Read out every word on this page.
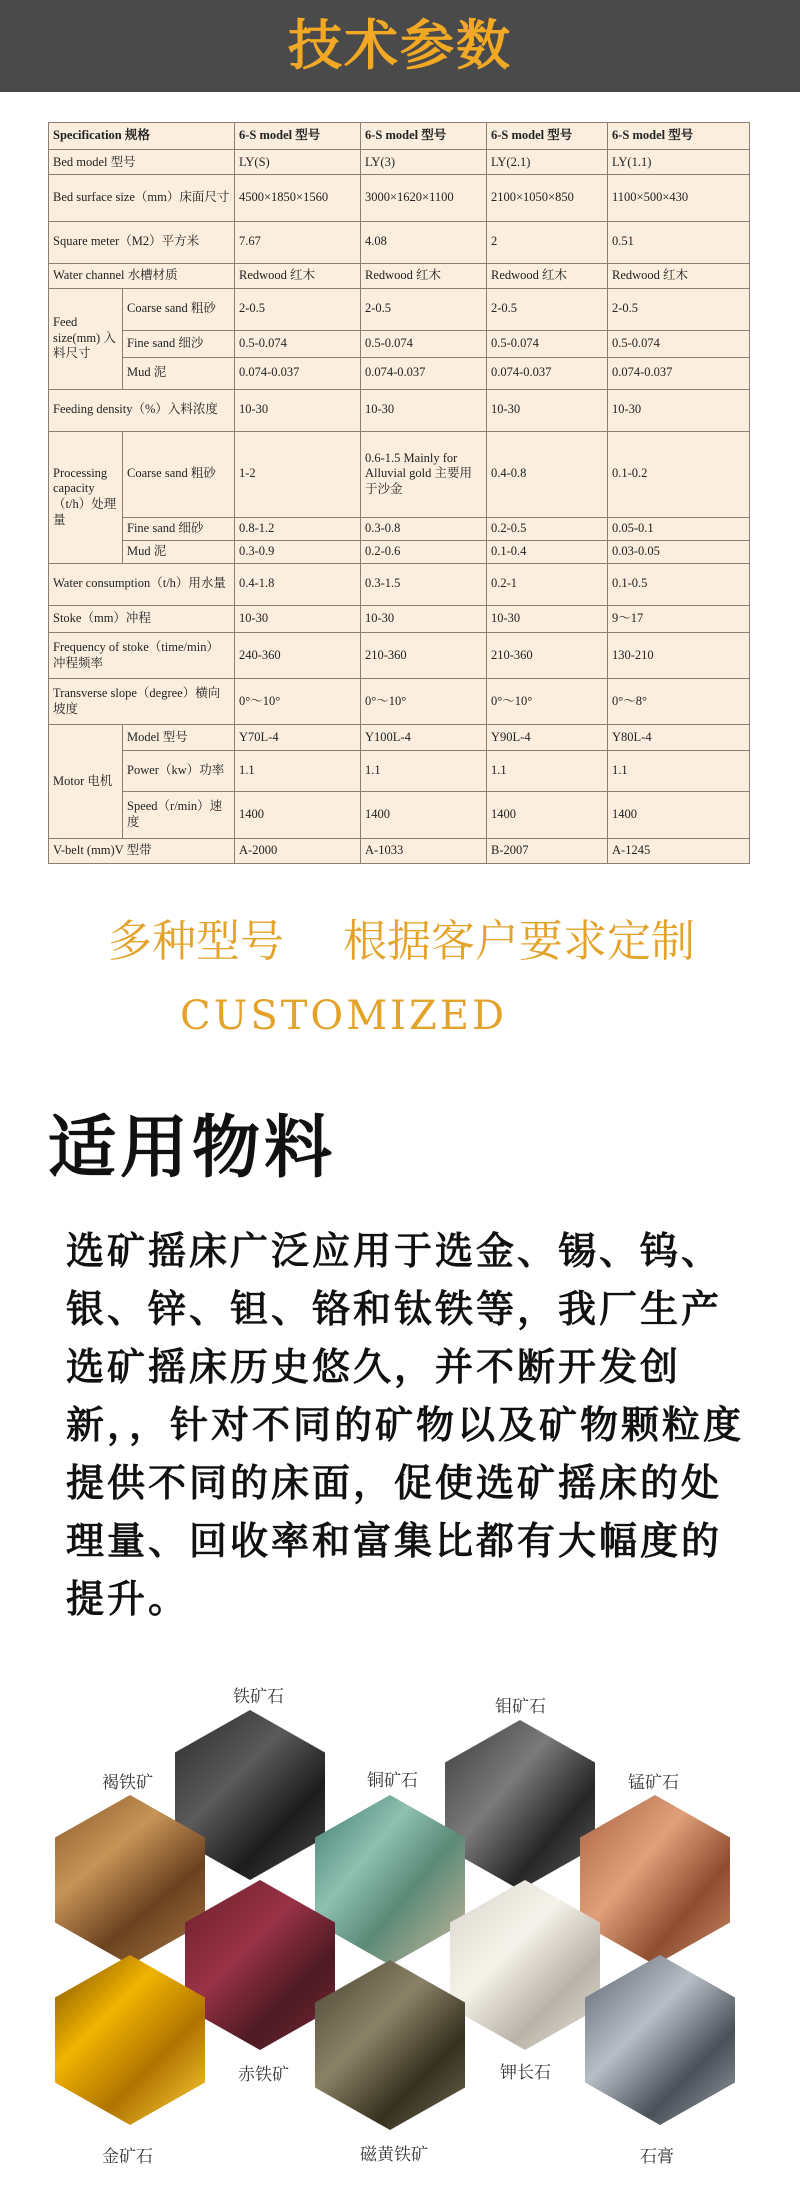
技术参数
Specification 规格		6-S model 型号	6-S model 型号	6-S model 型号	6-S model 型号
Bed model 型号		LY(S)	LY(3)	LY(2.1)	LY(1.1)
Bed surface size（mm）床面尺寸		4500×1850×1560	3000×1620×1100	2100×1050×850	1100×500×430
Square meter（M2）平方米		7.67	4.08	2	0.51
Water channel 水槽材质		Redwood 红木	Redwood 红木	Redwood 红木	Redwood 红木
Feed size(mm) 入料尺寸	Coarse sand 粗砂	2-0.5	2-0.5	2-0.5	2-0.5
	Fine sand 细沙	0.5-0.074	0.5-0.074	0.5-0.074	0.5-0.074
	Mud 泥	0.074-0.037	0.074-0.037	0.074-0.037	0.074-0.037
Feeding density（%）入料浓度		10-30	10-30	10-30	10-30
Processing capacity（t/h）处理量	Coarse sand 粗砂	1-2	0.6-1.5 Mainly for Alluvial gold 主要用于沙金	0.4-0.8	0.1-0.2
	Fine sand 细砂	0.8-1.2	0.3-0.8	0.2-0.5	0.05-0.1
	Mud 泥	0.3-0.9	0.2-0.6	0.1-0.4	0.03-0.05
Water consumption（t/h）用水量		0.4-1.8	0.3-1.5	0.2-1	0.1-0.5
Stoke（mm）冲程		10-30	10-30	10-30	9～17
Frequency of stoke（time/min）冲程频率		240-360	210-360	210-360	130-210
Transverse slope（degree）横向坡度		0°～10°	0°～10°	0°～10°	0°～8°
Motor 电机	Model 型号	Y70L-4	Y100L-4	Y90L-4	Y80L-4
	Power（kw）功率	1.1	1.1	1.1	1.1
	Speed（r/min）速度	1400	1400	1400	1400
V-belt (mm)V 型带		A-2000	A-1033	B-2007	A-1245
多种型号 根据客户要求定制
CUSTOMIZED
适用物料
选矿摇床广泛应用于选金、锡、钨、银、锌、钽、铬和钛铁等，我厂生产选矿摇床历史悠久，并不断开发创新，，针对不同的矿物以及矿物颗粒度提供不同的床面，促使选矿摇床的处理量、回收率和富集比都有大幅度的提升。
铁矿石
褐铁矿
钼矿石
铜矿石	锰矿石
赤铁矿	钾长石
金矿石	磁黄铁矿	石膏
